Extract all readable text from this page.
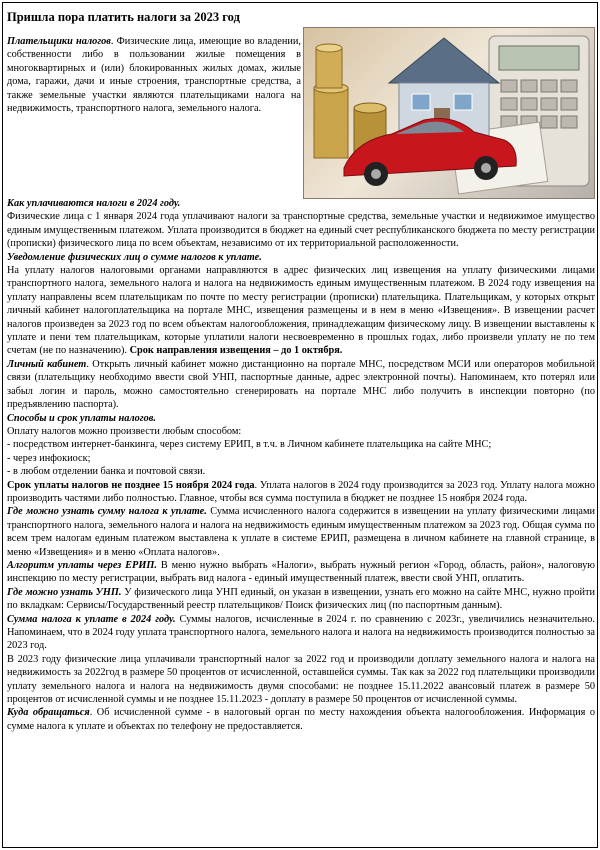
Пришла пора платить налоги за 2023 год

Плательщики налогов. Физические лица, имеющие во владении, собственности либо в пользовании жилые помещения в многоквартирных и (или) блокированных жилых домах, жилые дома, гаражи, дачи и иные строения, транспортные средства, а также земельные участки являются плательщиками налога на недвижимость, транспортного налога, земельного налога.

Как уплачиваются налоги в 2024 году.
Физические лица с 1 января 2024 года уплачивают налоги за транспортные средства, земельные участки и недвижимое имущество единым имущественным платежом. Уплата производится в бюджет на единый счет республиканского бюджета по месту регистрации (прописки) физического лица по всем объектам, независимо от их территориальной расположенности.

Уведомление физических лиц о сумме налогов к уплате.
На уплату налогов налоговыми органами направляются в адрес физических лиц извещения на уплату физическими лицами транспортного налога, земельного налога и налога на недвижимость единым имущественным платежом. В 2024 году извещения на уплату направлены всем плательщикам по почте по месту регистрации (прописки) плательщика. Плательщикам, у которых открыт личный кабинет налогоплательщика на портале МНС, извещения размещены и в нем в меню «Извещения». В извещении расчет налогов произведен за 2023 год по всем объектам налогообложения, принадлежащим физическому лицу. В извещении выставлены к уплате и пени тем плательщикам, которые уплатили налоги несвоевременно в прошлых годах, либо произвели уплату не по тем счетам (не по назначению). Срок направления извещения – до 1 октября.

Личный кабинет. Открыть личный кабинет можно дистанционно на портале МНС, посредством МСИ или операторов мобильной связи (плательщику необходимо ввести свой УНП, паспортные данные, адрес электронной почты). Напоминаем, кто потерял или забыл логин и пароль, можно самостоятельно сгенерировать на портале МНС либо получить в инспекции повторно (по предъявлению паспорта).

Способы и срок уплаты налогов.
Оплату налогов можно произвести любым способом:
- посредством интернет-банкинга, через систему ЕРИП, в т.ч. в Личном кабинете плательщика на сайте МНС;
- через инфокиоск;
- в любом отделении банка и почтовой связи.

Срок уплаты налогов не позднее 15 ноября 2024 года. Уплата налогов в 2024 году производится за 2023 год. Уплату налога можно производить частями либо полностью. Главное, чтобы вся сумма поступила в бюджет не позднее 15 ноября 2024 года.

Где можно узнать сумму налога к уплате. Сумма исчисленного налога содержится в извещении на уплату физическими лицами транспортного налога, земельного налога и налога на недвижимость единым имущественным платежом за 2023 год. Общая сумма по всем трем налогам единым платежом выставлена к уплате в системе ЕРИП, размещена в личном кабинете на главной странице, в меню «Извещения» и в меню «Оплата налогов».

Алгоритм уплаты через ЕРИП. В меню нужно выбрать «Налоги», выбрать нужный регион «Город, область, район», налоговую инспекцию по месту регистрации, выбрать вид налога - единый имущественный платеж, ввести свой УНП, оплатить.

Где можно узнать УНП. У физического лица УНП единый, он указан в извещении, узнать его можно на сайте МНС, нужно пройти по вкладкам: Сервисы/Государственный реестр плательщиков/ Поиск физических лиц (по паспортным данным).

Сумма налога к уплате в 2024 году. Суммы налогов, исчисленные в 2024 г. по сравнению с 2023г., увеличились незначительно. Напоминаем, что в 2024 году уплата транспортного налога, земельного налога и налога на недвижимость производится полностью за 2023 год.

В 2023 году физические лица уплачивали транспортный налог за 2022 год и производили доплату земельного налога и налога на недвижимость за 2022год в размере 50 процентов от исчисленной, оставшейся суммы. Так как за 2022 год плательщики производили уплату земельного налога и налога на недвижимость двумя способами: не позднее 15.11.2022 авансовый платеж в размере 50 процентов от исчисленной суммы и не позднее 15.11.2023 - доплату в размере 50 процентов от исчисленной суммы.

Куда обращаться. Об исчисленной сумме - в налоговый орган по месту нахождения объекта налогообложения. Информация о сумме налога к уплате и объектах по телефону не предоставляется.
